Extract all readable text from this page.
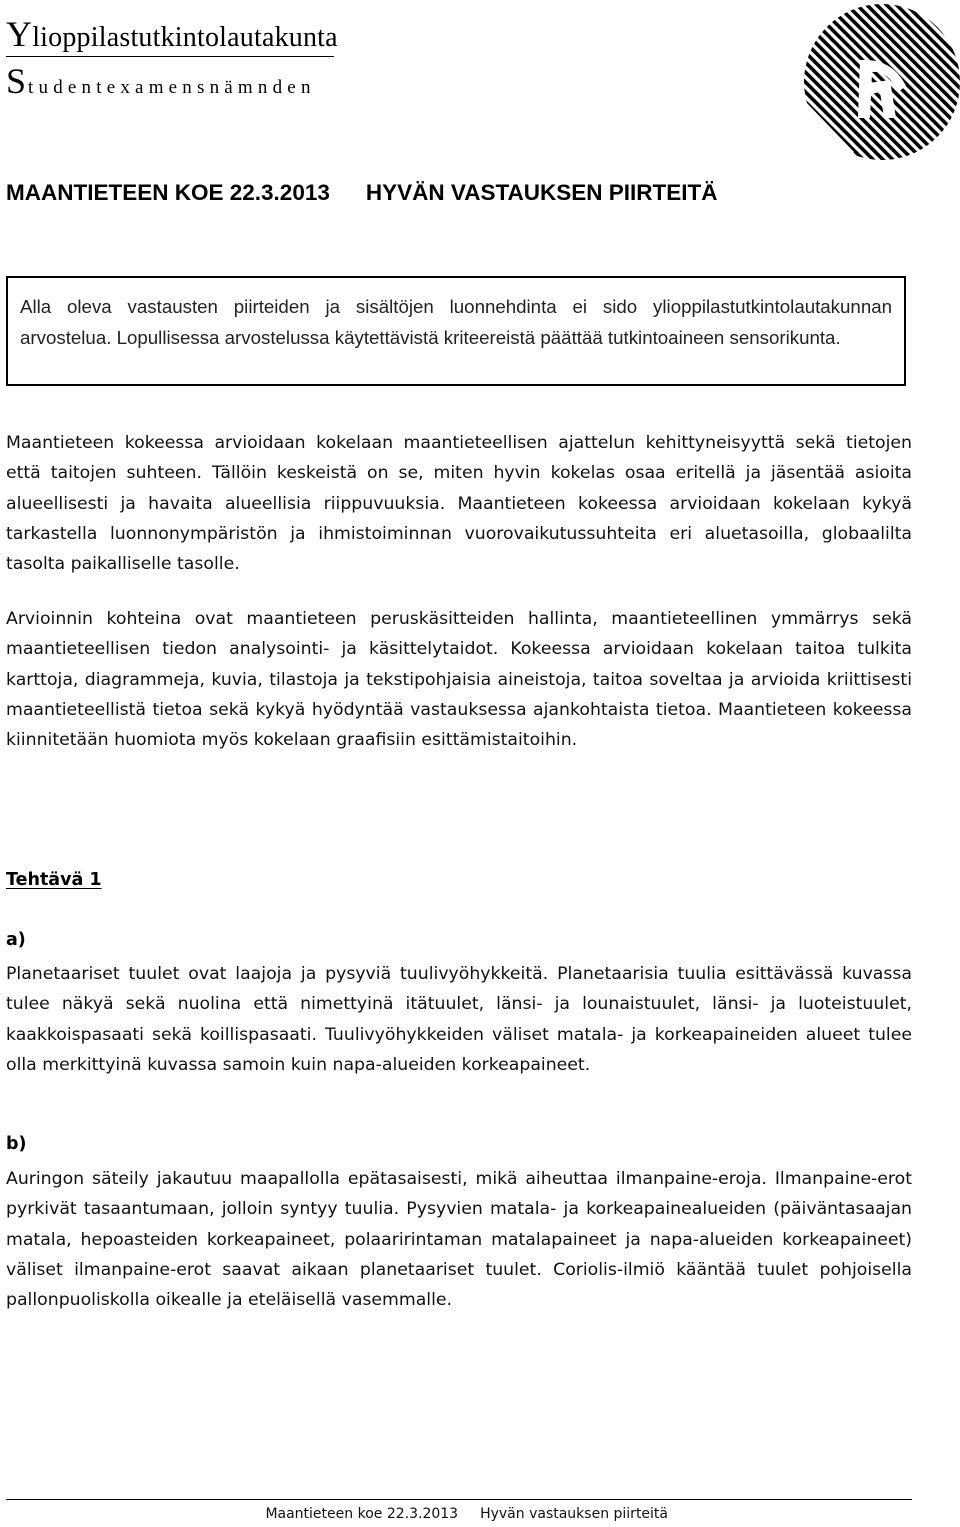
Ylioppilastutkintolautakunta
Studentexamensnämnden
MAANTIETEEN KOE 22.3.2013 HYVÄN VASTAUKSEN PIIRTEITÄ
Alla oleva vastausten piirteiden ja sisältöjen luonnehdinta ei sido ylioppilastutkintolautakunnan arvostelua. Lopullisessa arvostelussa käytettävistä kriteereistä päättää tutkintoaineen sensorikunta.

Maantieteen kokeessa arvioidaan kokelaan maantieteellisen ajattelun kehittyneisyyttä sekä tietojen että taitojen suhteen. Tällöin keskeistä on se, miten hyvin kokelas osaa eritellä ja jäsentää asioita alueellisesti ja havaita alueellisia riippuvuuksia. Maantieteen kokeessa arvioidaan kokelaan kykyä tarkastella luonnonympäristön ja ihmistoiminnan vuorovaikutussuhteita eri aluetasoilla, globaalilta tasolta paikalliselle tasolle.

Arvioinnin kohteina ovat maantieteen peruskäsitteiden hallinta, maantieteellinen ymmärrys sekä maantieteellisen tiedon analysointi- ja käsittelytaidot. Kokeessa arvioidaan kokelaan taitoa tulkita karttoja, diagrammeja, kuvia, tilastoja ja tekstipohjaisia aineistoja, taitoa soveltaa ja arvioida kriittisesti maantieteellistä tietoa sekä kykyä hyödyntää vastauksessa ajankohtaista tietoa. Maantieteen kokeessa kiinnitetään huomiota myös kokelaan graafisiin esittämistaitoihin.

Tehtävä 1

a)

Planetaariset tuulet ovat laajoja ja pysyviä tuulivyöhykkeitä. Planetaarisia tuulia esittävässä kuvassa tulee näkyä sekä nuolina että nimettyinä itätuulet, länsi- ja lounaistuulet, länsi- ja luoteistuulet, kaakkoispasaati sekä koillispasaati. Tuulivyöhykkeiden väliset matala- ja korkeapaineiden alueet tulee olla merkittyinä kuvassa samoin kuin napa-alueiden korkeapaineet.

b)

Auringon säteily jakautuu maapallolla epätasaisesti, mikä aiheuttaa ilmanpaine-eroja. Ilmanpaine-erot pyrkivät tasaantumaan, jolloin syntyy tuulia. Pysyvien matala- ja korkeapainealueiden (päiväntasaajan matala, hepoasteiden korkeapaineet, polaaririntaman matalapaineet ja napa-alueiden korkeapaineet) väliset ilmanpaine-erot saavat aikaan planetaariset tuulet. Coriolis-ilmiö kääntää tuulet pohjoisella pallonpuoliskolla oikealle ja eteläisellä vasemmalle.

Maantieteen koe 22.3.2013 Hyvän vastauksen piirteitä
